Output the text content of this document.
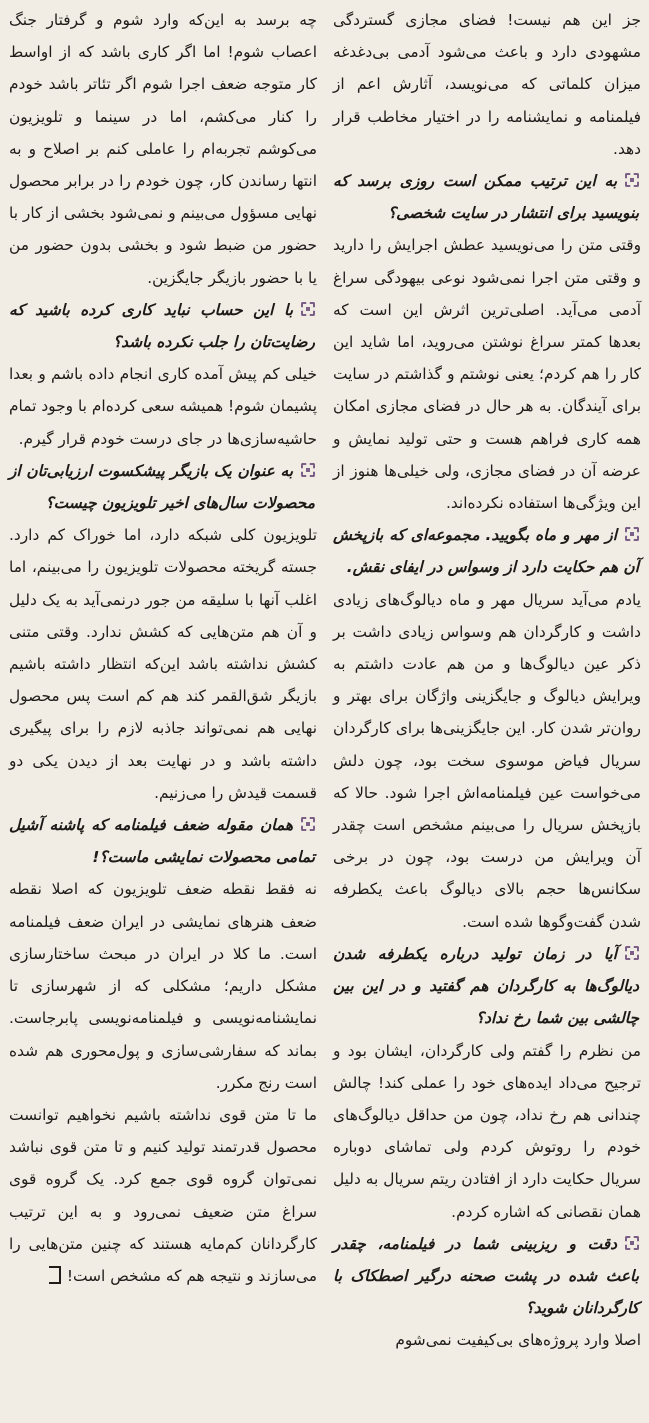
جز این هم نیست! فضای مجازی گستردگی مشهودی دارد و باعث می‌شود آدمی بی‌دغدغه میزان کلماتی که می‌نویسد، آثارش اعم از فیلمنامه و نمایشنامه را در اختیار مخاطب قرار دهد.

به این ترتیب ممکن است روزی برسد که بنویسید برای انتشار در سایت شخصی؟

وقتی متن را می‌نویسید عطش اجرایش را دارید و وقتی متن اجرا نمی‌شود نوعی بیهودگی سراغ آدمی می‌آید. اصلی‌ترین اثرش این است که بعدها کمتر سراغ نوشتن می‌روید، اما شاید این کار را هم کردم؛ یعنی نوشتم و گذاشتم در سایت برای آیندگان. به هر حال در فضای مجازی امکان همه کاری فراهم هست و حتی تولید نمایش و عرضه آن در فضای مجازی، ولی خیلی‌ها هنوز از این ویژگی‌ها استفاده نکرده‌اند.

از مهر و ماه بگویید. مجموعه‌ای که بازپخش آن هم حکایت دارد از وسواس در ایفای نقش.

یادم می‌آید سریال مهر و ماه دیالوگ‌های زیادی داشت و کارگردان هم وسواس زیادی داشت بر ذکر عین دیالوگ‌ها و من هم عادت داشتم به ویرایش دیالوگ و جایگزینی واژگان برای بهتر و روان‌تر شدن کار. این جایگزینی‌ها برای کارگردان سریال فیاض موسوی سخت بود، چون دلش می‌خواست عین فیلمنامه‌اش اجرا شود. حالا که بازپخش سریال را می‌بینم مشخص است چقدر آن ویرایش من درست بود، چون در برخی سکانس‌ها حجم بالای دیالوگ باعث یکطرفه شدن گفت‌وگوها شده است.

آیا در زمان تولید درباره یکطرفه شدن دیالوگ‌ها به کارگردان هم گفتید و در این بین چالشی بین شما رخ نداد؟

من نظرم را گفتم ولی کارگردان، ایشان بود و ترجیح می‌داد ایده‌های خود را عملی کند! چالش چندانی هم رخ نداد، چون من حداقل دیالوگ‌های خودم را روتوش کردم ولی تماشای دوباره سریال حکایت دارد از افتادن ریتم سریال به دلیل همان نقصانی که اشاره کردم.

دقت و ریزبینی شما در فیلمنامه، چقدر باعث شده در پشت صحنه درگیر اصطکاک با کارگردانان شوید؟

اصلا وارد پروژه‌های بی‌کیفیت نمی‌شوم

چه برسد به این‌که وارد شوم و گرفتار جنگ اعصاب شوم! اما اگر کاری باشد که از اواسط کار متوجه ضعف اجرا شوم اگر تئاتر باشد خودم را کنار می‌کشم، اما در سینما و تلویزیون می‌کوشم تجربه‌ام را عاملی کنم بر اصلاح و به انتها رساندن کار، چون خودم را در برابر محصول نهایی مسؤول می‌بینم و نمی‌شود بخشی از کار با حضور من ضبط شود و بخشی بدون حضور من یا با حضور بازیگر جایگزین.

با این حساب نباید کاری کرده باشید که رضایت‌تان را جلب نکرده باشد؟

خیلی کم پیش آمده کاری انجام داده باشم و بعدا پشیمان شوم! همیشه سعی کرده‌ام با وجود تمام حاشیه‌سازی‌ها در جای درست خودم قرار گیرم.

به عنوان یک بازیگر پیشکسوت ارزیابی‌تان از محصولات سال‌های اخیر تلویزیون چیست؟

تلویزیون کلی شبکه دارد، اما خوراک کم دارد. جسته گریخته محصولات تلویزیون را می‌بینم، اما اغلب آنها با سلیقه من جور درنمی‌آید به یک دلیل و آن هم متن‌هایی که کشش ندارد. وقتی متنی کشش نداشته باشد این‌که انتظار داشته باشیم بازیگر شق‌القمر کند هم کم است پس محصول نهایی هم نمی‌تواند جاذبه لازم را برای پیگیری داشته باشد و در نهایت بعد از دیدن یکی دو قسمت قیدش را می‌زنیم.

همان مقوله ضعف فیلمنامه که پاشنه آشیل تمامی محصولات نمایشی ماست؟!

نه فقط نقطه ضعف تلویزیون که اصلا نقطه ضعف هنرهای نمایشی در ایران ضعف فیلمنامه است. ما کلا در ایران در مبحث ساختارسازی مشکل داریم؛ مشکلی که از شهرسازی تا نمایشنامه‌نویسی و فیلمنامه‌نویسی پابرجاست. بماند که سفارشی‌سازی و پول‌محوری هم شده است رنج مکرر.

ما تا متن قوی نداشته باشیم نخواهیم توانست محصول قدرتمند تولید کنیم و تا متن قوی نباشد نمی‌توان گروه قوی جمع کرد. یک گروه قوی سراغ متن ضعیف نمی‌رود و به این ترتیب کارگردانان کم‌مایه هستند که چنین متن‌هایی را می‌سازند و نتیجه هم که مشخص است!
